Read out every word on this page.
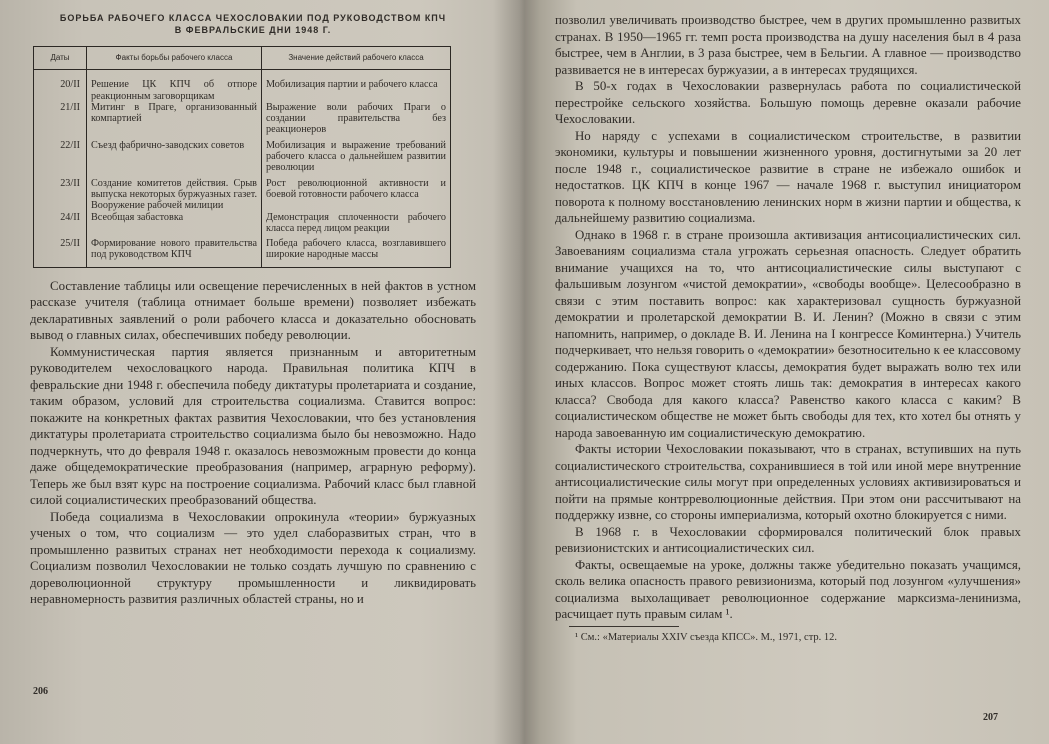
БОРЬБА РАБОЧЕГО КЛАССА ЧЕХОСЛОВАКИИ ПОД РУКОВОДСТВОМ КПЧ
В ФЕВРАЛЬСКИЕ ДНИ 1948 Г.
Даты	Факты борьбы рабочего класса	Значение действий рабочего класса
20/II	Решение ЦК КПЧ об отпоре реакционным заговорщикам	Мобилизация партии и рабочего класса
21/II	Митинг в Праге, организованный компартией	Выражение воли рабочих Праги о создании правительства без реакционеров
22/II	Съезд фабрично-заводских советов	Мобилизация и выражение требований рабочего класса о дальнейшем развитии революции
23/II	Создание комитетов действия. Срыв выпуска некоторых буржуазных газет. Вооружение рабочей милиции	Рост революционной активности и боевой готовности рабочего класса
24/II	Всеобщая забастовка	Демонстрация сплоченности рабочего класса перед лицом реакции
25/II	Формирование нового правительства под руководством КПЧ	Победа рабочего класса, возглавившего широкие народные массы

Составление таблицы или освещение перечисленных в ней фактов в устном рассказе учителя (таблица отнимает больше времени) позволяет избежать декларативных заявлений о роли рабочего класса и доказательно обосновать вывод о главных силах, обеспечивших победу революции.

Коммунистическая партия является признанным и авторитетным руководителем чехословацкого народа. Правильная политика КПЧ в февральские дни 1948 г. обеспечила победу диктатуры пролетариата и создание, таким образом, условий для строительства социализма. Ставится вопрос: покажите на конкретных фактах развития Чехословакии, что без установления диктатуры пролетариата строительство социализма было бы невозможно. Надо подчеркнуть, что до февраля 1948 г. оказалось невозможным провести до конца даже общедемократические преобразования (например, аграрную реформу). Теперь же был взят курс на построение социализма. Рабочий класс был главной силой социалистических преобразований общества.

Победа социализма в Чехословакии опрокинула «теории» буржуазных ученых о том, что социализм — это удел слаборазвитых стран, что в промышленно развитых странах нет необходимости перехода к социализму. Социализм позволил Чехословакии не только создать лучшую по сравнению с дореволюционной структуру промышленности и ликвидировать неравномерность развития различных областей страны, но и

206

позволил увеличивать производство быстрее, чем в других промышленно развитых странах. В 1950—1965 гг. темп роста производства на душу населения был в 4 раза быстрее, чем в Англии, в 3 раза быстрее, чем в Бельгии. А главное — производство развивается не в интересах буржуазии, а в интересах трудящихся.

В 50-х годах в Чехословакии развернулась работа по социалистической перестройке сельского хозяйства. Большую помощь деревне оказали рабочие Чехословакии.

Но наряду с успехами в социалистическом строительстве, в развитии экономики, культуры и повышении жизненного уровня, достигнутыми за 20 лет после 1948 г., социалистическое развитие в стране не избежало ошибок и недостатков. ЦК КПЧ в конце 1967 — начале 1968 г. выступил инициатором поворота к полному восстановлению ленинских норм в жизни партии и общества, к дальнейшему развитию социализма.

Однако в 1968 г. в стране произошла активизация антисоциалистических сил. Завоеваниям социализма стала угрожать серьезная опасность. Следует обратить внимание учащихся на то, что антисоциалистические силы выступают с фальшивым лозунгом «чистой демократии», «свободы вообще». Целесообразно в связи с этим поставить вопрос: как характеризовал сущность буржуазной демократии и пролетарской демократии В. И. Ленин? (Можно в связи с этим напомнить, например, о докладе В. И. Ленина на I конгрессе Коминтерна.) Учитель подчеркивает, что нельзя говорить о «демократии» безотносительно к ее классовому содержанию. Пока существуют классы, демократия будет выражать волю тех или иных классов. Вопрос может стоять лишь так: демократия в интересах какого класса? Свобода для какого класса? Равенство какого класса с каким? В социалистическом обществе не может быть свободы для тех, кто хотел бы отнять у народа завоеванную им социалистическую демократию.

Факты истории Чехословакии показывают, что в странах, вступивших на путь социалистического строительства, сохранившиеся в той или иной мере внутренние антисоциалистические силы могут при определенных условиях активизироваться и пойти на прямые контрреволюционные действия. При этом они рассчитывают на поддержку извне, со стороны империализма, который охотно блокируется с ними.

В 1968 г. в Чехословакии сформировался политический блок правых ревизионистских и антисоциалистических сил.

Факты, освещаемые на уроке, должны также убедительно показать учащимся, сколь велика опасность правого ревизионизма, который под лозунгом «улучшения» социализма выхолащивает революционное содержание марксизма-ленинизма, расчищает путь правым силам ¹.

¹ См.: «Материалы XXIV съезда КПСС». М., 1971, стр. 12.

207
